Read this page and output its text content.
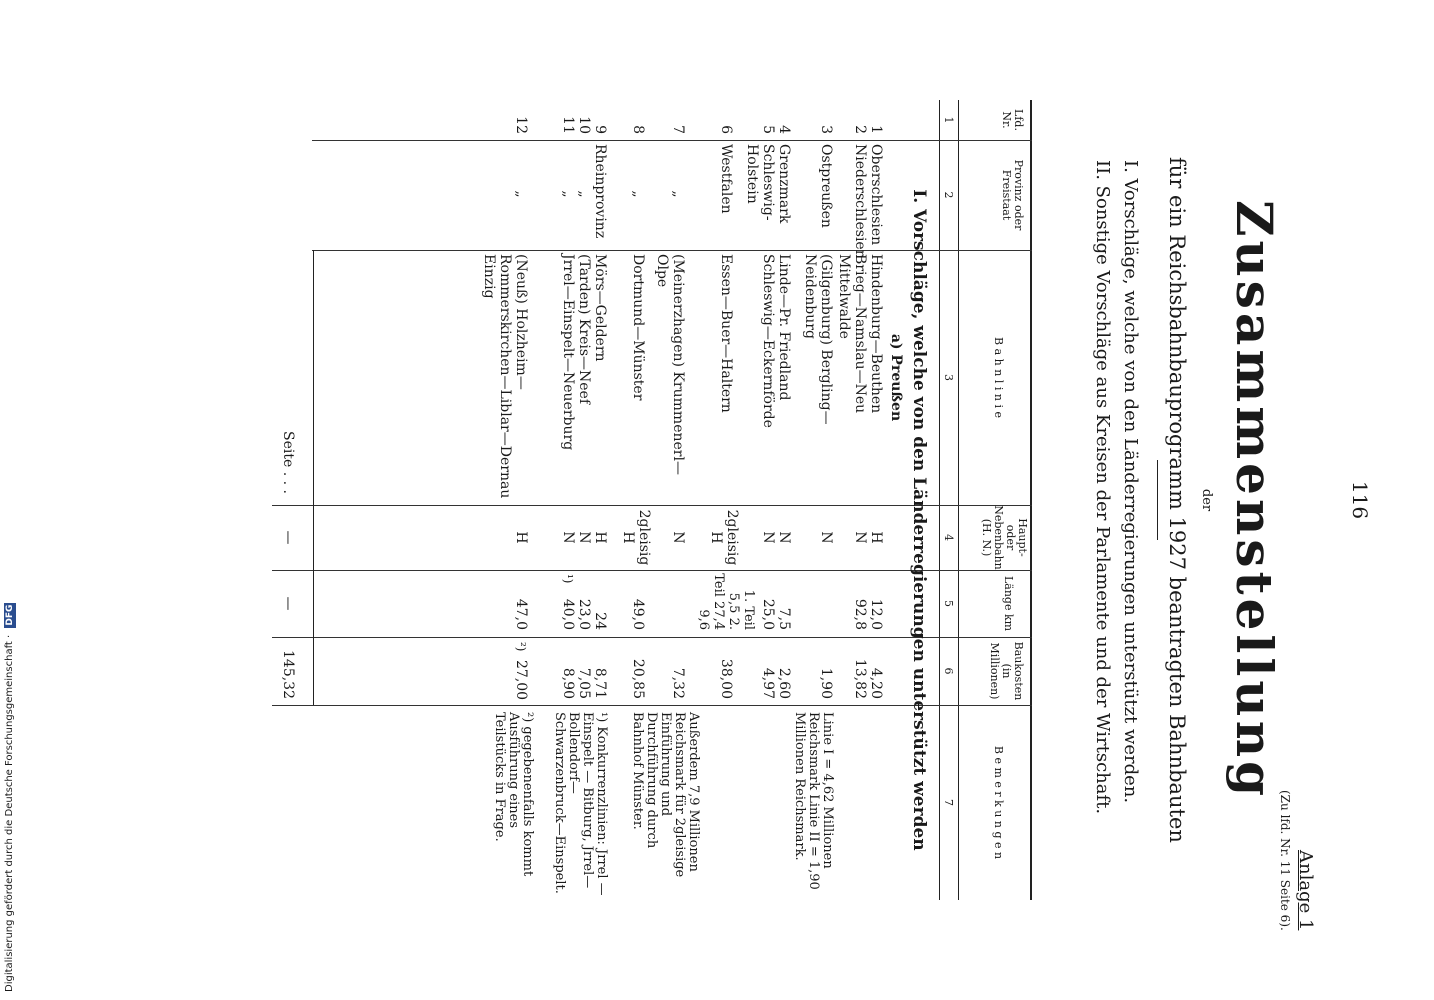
Digitalisierung gefördert durch die Deutsche Forschungsgemeinschaft · DFG
116
Anlage 1
(Zu lfd. Nr. 11 Seite 6).
Zusammenstellung
der
für ein Reichsbahnbauprogramm 1927 beantragten Bahnbauten
I. Vorschläge, welche von den Länderregierungen unterstützt werden.
II. Sonstige Vorschläge aus Kreisen der Parlamente und der Wirtschaft.
Lfd. Nr.
Provinz oder Freistaat
B a h n l i n i e
Haupt- oder Nebenbahn (H. N.)
Länge km
Baukosten (in Millionen)
B e m e r k u n g e n
1
2
3
4
5
6
7
I. Vorschläge, welche von den Länderregierungen unterstützt werden
a) Preußen
1
Oberschlesien
Hindenburg—Beuthen
H
12,0
4,20
2
Niederschlesien
Brieg—Namslau—Neu Mittelwalde
N
92,8
13,82
3
Ostpreußen
(Gilgenburg) Bergling—Neidenburg
N
1,90
Linie I = 4,62 Millionen Reichsmark Linie II = 1,90 Millionen Reichsmark.
4
Grenzmark
Linde—Pr. Friedland
N
7,5
2,60
5
Schleswig-Holstein
Schleswig—Eckernförde
N
25,0
4,97
6
Westfalen
Essen—Buer—Haltern
2gleisig H
1. Teil 5,5 2. Teil 27,4 9,6
38,00
7
„
(Meinerzhagen) Krummenerl—Olpe
N
7,32
8
„
Dortmund—Münster
2gleisig H
49,0
20,85
Außerdem 7,9 Millionen Reichsmark für 2gleisige Einführung und Durchführung durch Bahnhof Münster.
9
Rheinprovinz
Mörs—Geldern
H
24
8,71
10
„
(Tarden) Kreis—Neef
N
23,0
7,05
11
„
Jrrel—Einspelt—Neuerburg
N
¹)
40,0
8,90
¹) Konkurrenzlinien: Jrrel — Einspelt — Bitburg, Jrrel—Bollendorf—Schwarzenbruck—Einspelt.
12
„
(Neuß) Holzheim—Rommerskirchen—Liblar—Dernau Einzig
H
47,0
²)
27,00
²) gegebenenfalls kommt Ausführung eines Teilstücks in Frage.
Seite . . .
—
—
145,32
